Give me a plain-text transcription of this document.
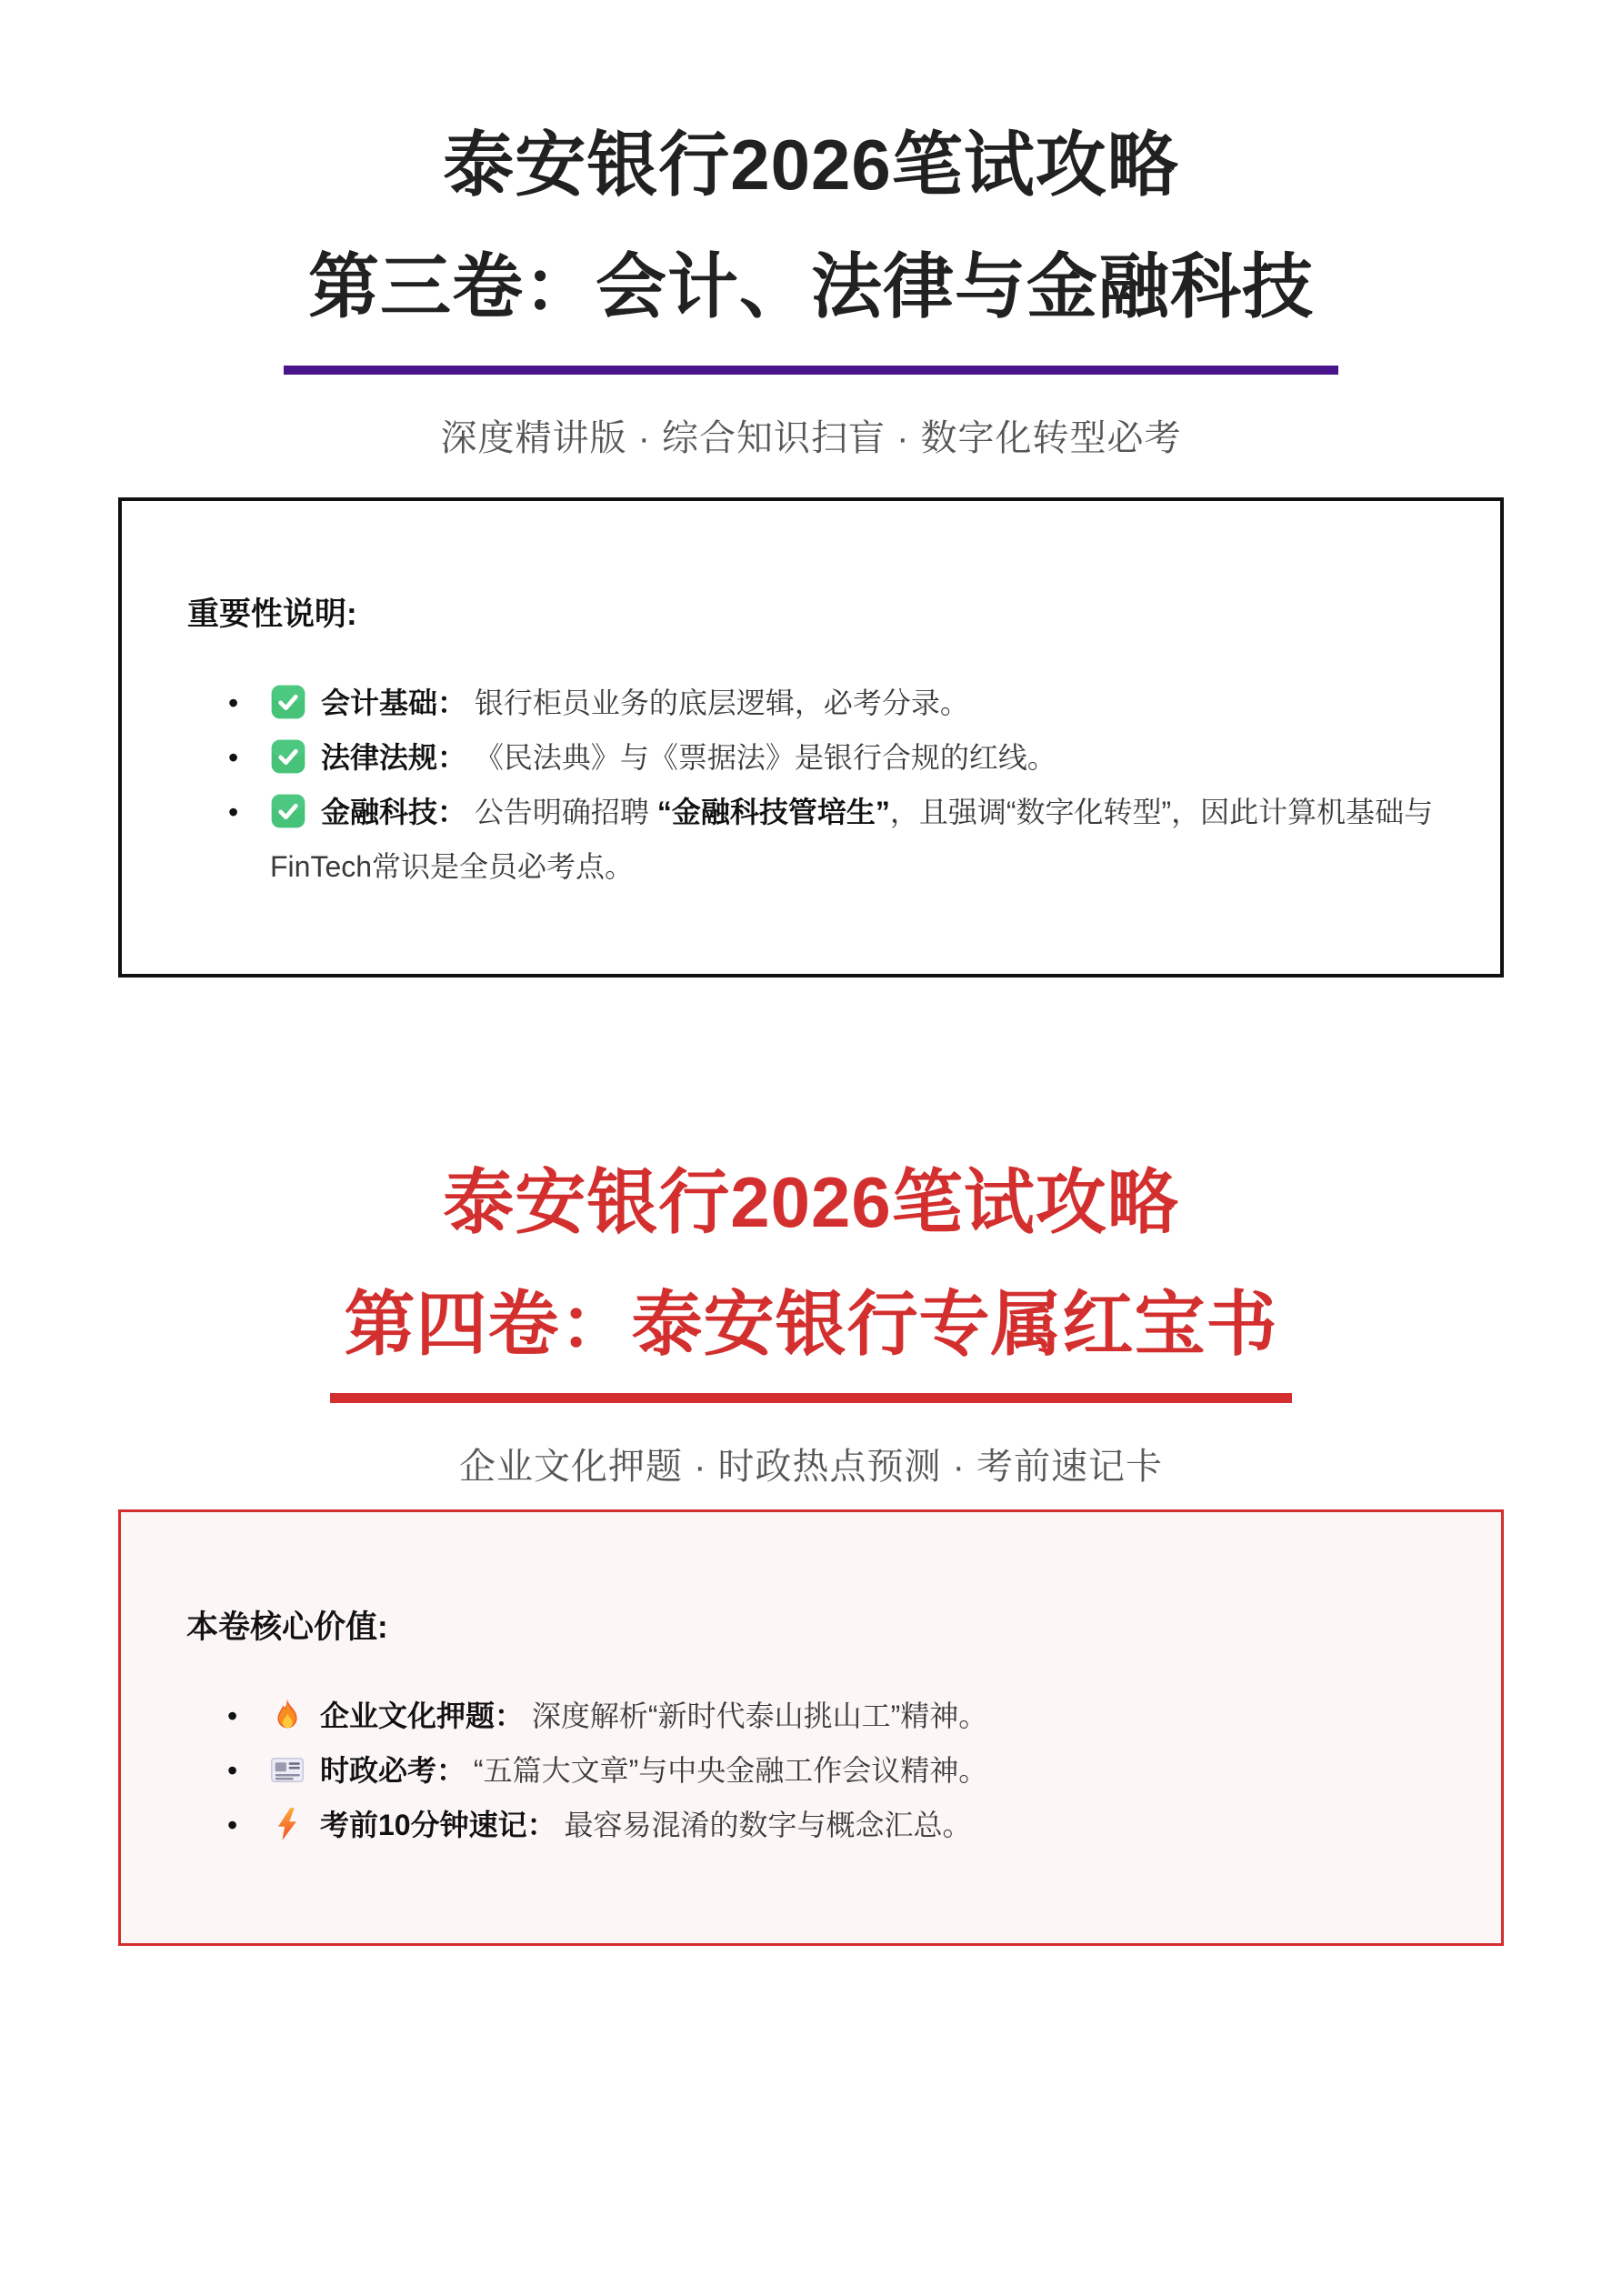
泰安银行2026笔试攻略
第三卷：会计、法律与金融科技

深度精讲版 · 综合知识扫盲 · 数字化转型必考

重要性说明:

•	会计基础： 银行柜员业务的底层逻辑，必考分录。
•	法律法规： 《民法典》与《票据法》是银行合规的红线。
•	金融科技： 公告明确招聘 “金融科技管培生”，且强调“数字化转型”，因此计算机基础与FinTech常识是全员必考点。
泰安银行2026笔试攻略
第四卷：泰安银行专属红宝书

企业文化押题 · 时政热点预测 · 考前速记卡

本卷核心价值:

•	企业文化押题： 深度解析“新时代泰山挑山工”精神。
•	时政必考： “五篇大文章”与中央金融工作会议精神。
•	考前10分钟速记： 最容易混淆的数字与概念汇总。
